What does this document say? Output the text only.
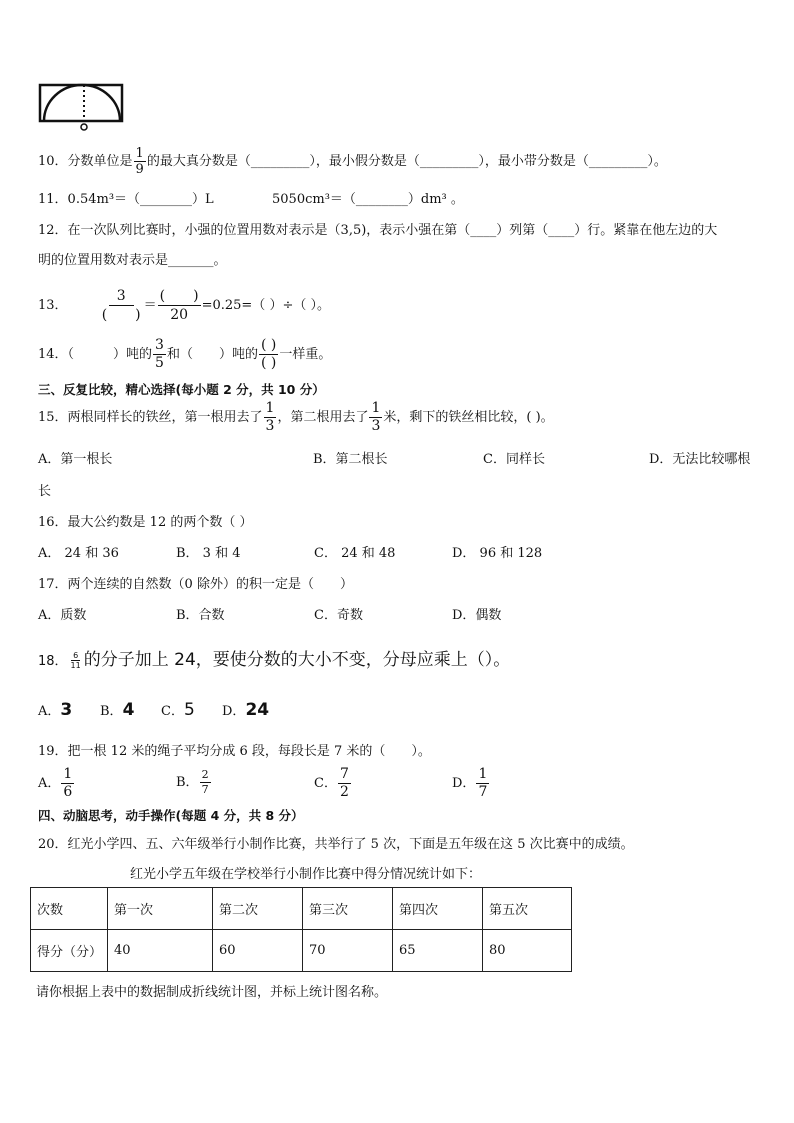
10．分数单位是 $\frac{1}{9}$ 的最大真分数是（_________），最小假分数是（_________），最小带分数是（_________）。
11．0.54m³＝（________）L	5050cm³＝（________）dm³ 。
12．在一次队列比赛时，小强的位置用数对表示是（3,5)，表示小强在第（____）列第（____）行。紧靠在他左边的大
明的位置用数对表示是_______。
13． $\frac{3}{( )} = \frac{( )}{20} =0.25=$（ ）÷（ ）。
14．（　　　）吨的 $\frac{3}{5}$ 和（　　）吨的 $\frac{( )}{( )}$ 一样重。
三、反复比较，精心选择(每小题 2 分，共 10 分）
15．两根同样长的铁丝，第一根用去了 $\frac{1}{3}$ ，第二根用去了 $\frac{1}{3}$ 米，剩下的铁丝相比较，( )。
A．第一根长	B．第二根长	C．同样长	D．无法比较哪根
长
16．最大公约数是 12 的两个数（ ）
A． 24 和 36	B． 3 和 4	C． 24 和 48	D． 96 和 128
17．两个连续的自然数（0 除外）的积一定是（　　）
A．质数	B．合数	C．奇数	D．偶数
18． $\frac{6}{11}$ 的分子加上 24，要使分数的大小不变，分母应乘上（）。
A．3 B．4 C．5 D．24
19．把一根 12 米的绳子平均分成 6 段，每段长是 7 米的（　　）。
A． $\frac{1}{6}$	B． $\frac{2}{7}$	C． $\frac{7}{2}$	D． $\frac{1}{7}$
四、动脑思考，动手操作(每题 4 分，共 8 分）
20．红光小学四、五、六年级举行小制作比赛，共举行了 5 次，下面是五年级在这 5 次比赛中的成绩。
红光小学五年级在学校举行小制作比赛中得分情况统计如下：
次数	第一次	第二次	第三次	第四次	第五次
得分（分）	40	60	70	65	80
请你根据上表中的数据制成折线统计图，并标上统计图名称。
